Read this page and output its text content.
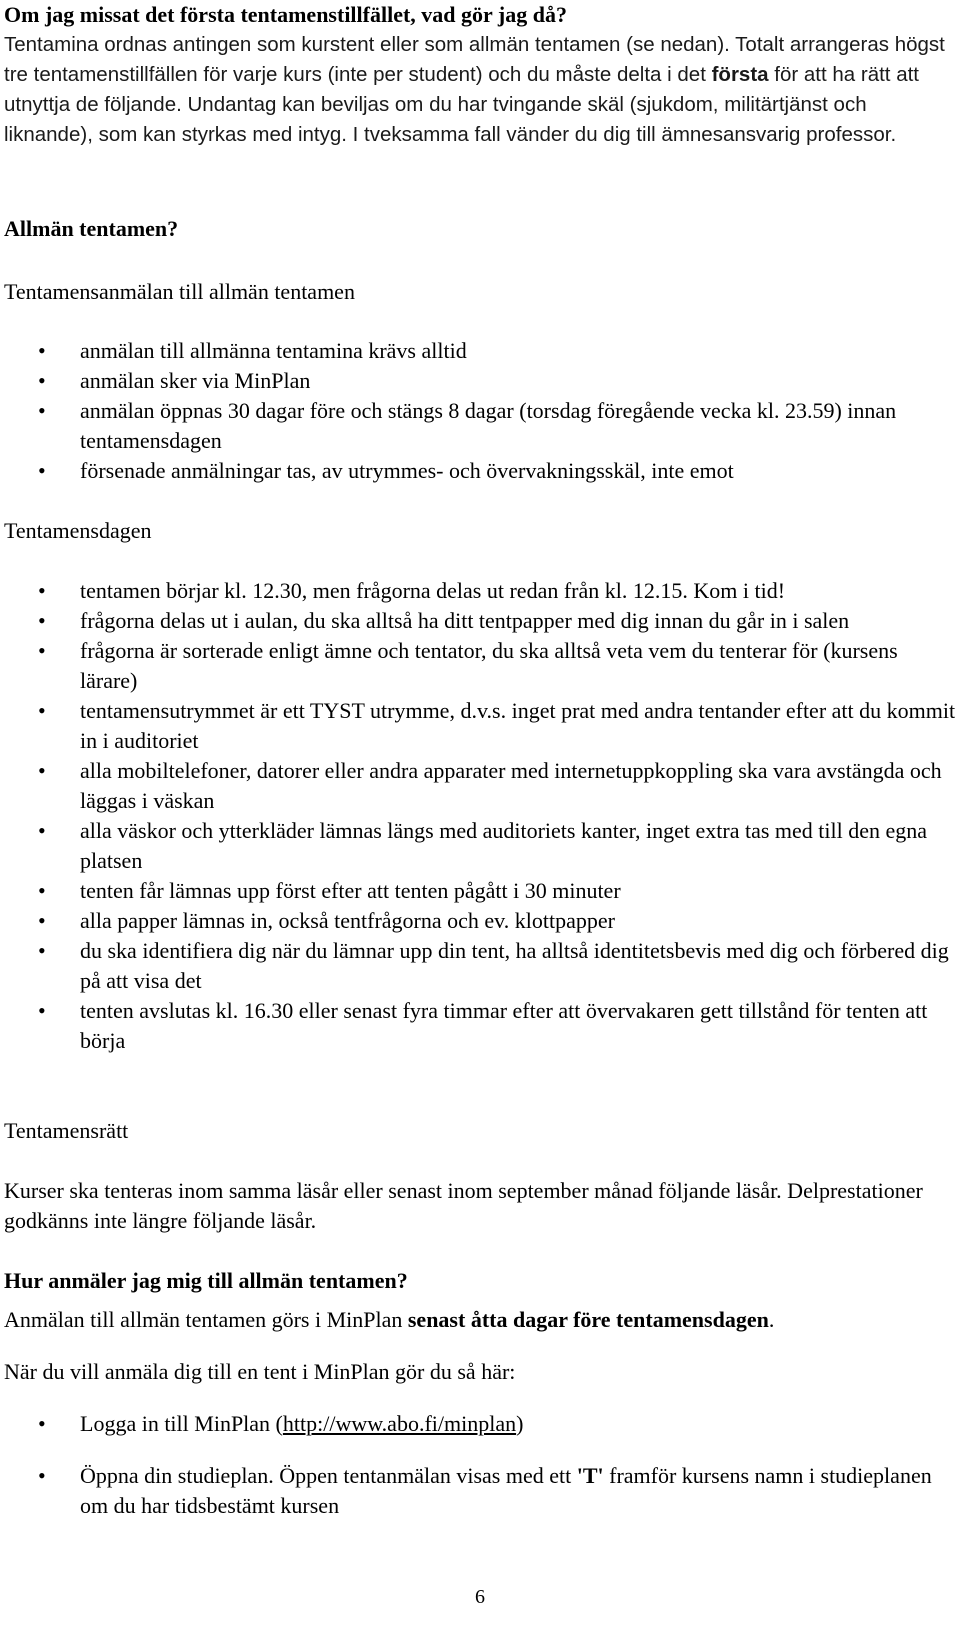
Om jag missat det första tentamenstillfället, vad gör jag då?

Tentamina ordnas antingen som kurstent eller som allmän tentamen (se nedan). Totalt arrangeras högst tre tentamenstillfällen för varje kurs (inte per student) och du måste delta i det första för att ha rätt att utnyttja de följande. Undantag kan beviljas om du har tvingande skäl (sjukdom, militärtjänst och liknande), som kan styrkas med intyg. I tveksamma fall vänder du dig till ämnesansvarig professor.

Allmän tentamen?

Tentamensanmälan till allmän tentamen

• anmälan till allmänna tentamina krävs alltid
• anmälan sker via MinPlan
• anmälan öppnas 30 dagar före och stängs 8 dagar (torsdag föregående vecka kl. 23.59) innan tentamensdagen
• försenade anmälningar tas, av utrymmes- och övervakningsskäl, inte emot

Tentamensdagen

• tentamen börjar kl. 12.30, men frågorna delas ut redan från kl. 12.15. Kom i tid!
• frågorna delas ut i aulan, du ska alltså ha ditt tentpapper med dig innan du går in i salen
• frågorna är sorterade enligt ämne och tentator, du ska alltså veta vem du tenterar för (kursens lärare)
• tentamensutrymmet är ett TYST utrymme, d.v.s. inget prat med andra tentander efter att du kommit in i auditoriet
• alla mobiltelefoner, datorer eller andra apparater med internetuppkoppling ska vara avstängda och läggas i väskan
• alla väskor och ytterkläder lämnas längs med auditoriets kanter, inget extra tas med till den egna platsen
• tenten får lämnas upp först efter att tenten pågått i 30 minuter
• alla papper lämnas in, också tentfrågorna och ev. klottpapper
• du ska identifiera dig när du lämnar upp din tent, ha alltså identitetsbevis med dig och förbered dig på att visa det
• tenten avslutas kl. 16.30 eller senast fyra timmar efter att övervakaren gett tillstånd för tenten att börja

Tentamensrätt

Kurser ska tenteras inom samma läsår eller senast inom september månad följande läsår. Delprestationer godkänns inte längre följande läsår.

Hur anmäler jag mig till allmän tentamen?

Anmälan till allmän tentamen görs i MinPlan senast åtta dagar före tentamensdagen.

När du vill anmäla dig till en tent i MinPlan gör du så här:

• Logga in till MinPlan (http://www.abo.fi/minplan)
• Öppna din studieplan. Öppen tentanmälan visas med ett 'T' framför kursens namn i studieplanen om du har tidsbestämt kursen
6
